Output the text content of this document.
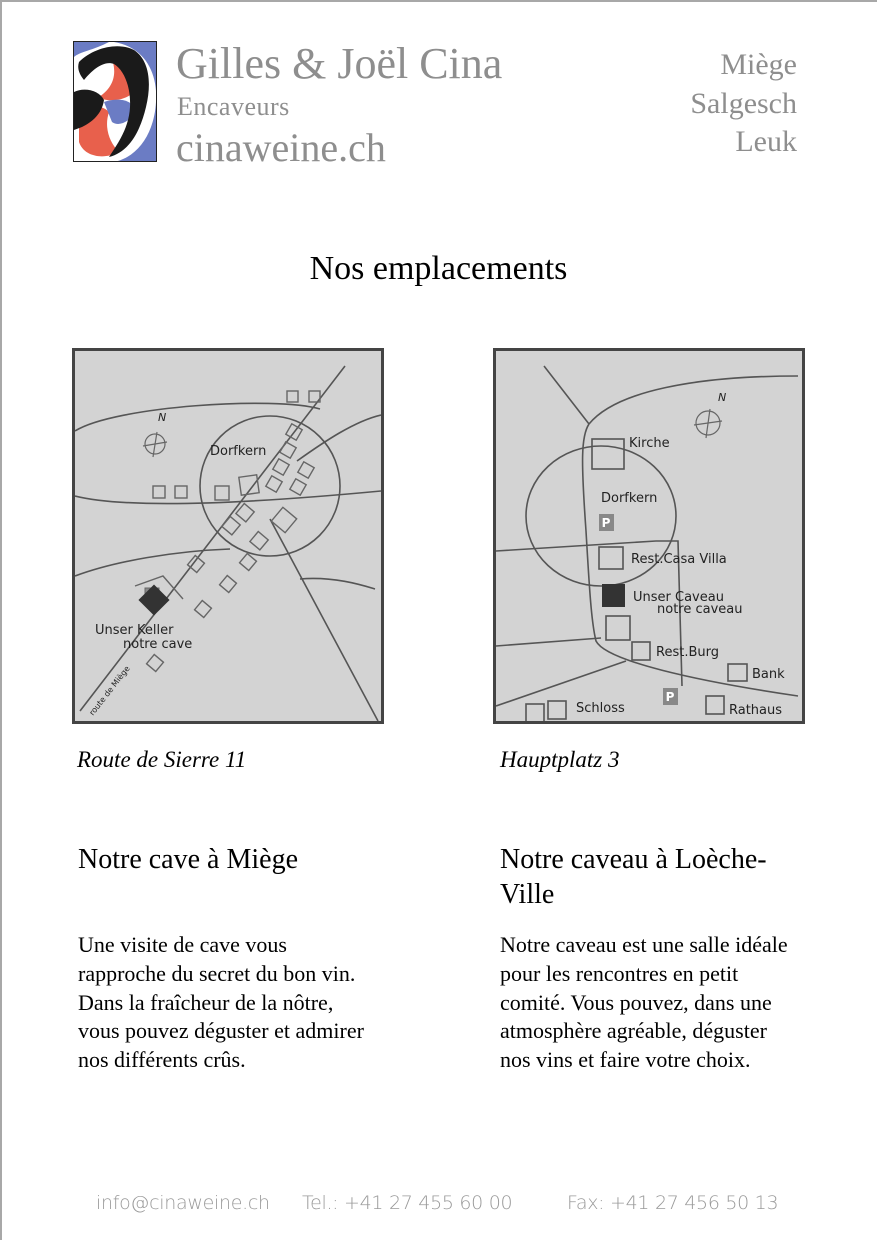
Gilles & Joël Cina
Encaveurs
cinaweine.ch
Miège
Salgesch
Leuk
Nos emplacements
N
Dorfkern
Unser Keller
notre cave
route de Miège
P
P
N
Kirche
Dorfkern
Rest.Casa Villa
Unser Caveau
notre caveau
Rest.Burg
Bank
Schloss	Rathaus
Route de Sierre 11	Hauptplatz 3
Notre cave à Miège	Notre caveau à Loèche-Ville
Une visite de cave vous rapproche du secret du bon vin. Dans la fraîcheur de la nôtre, vous pouvez déguster et admirer nos différents crûs.
Notre caveau est une salle idéale pour les rencontres en petit comité. Vous pouvez, dans une atmosphère agréable, déguster nos vins et faire votre choix.
info@cinaweine.ch Tel.: +41 27 455 60 00	Fax: +41 27 456 50 13
